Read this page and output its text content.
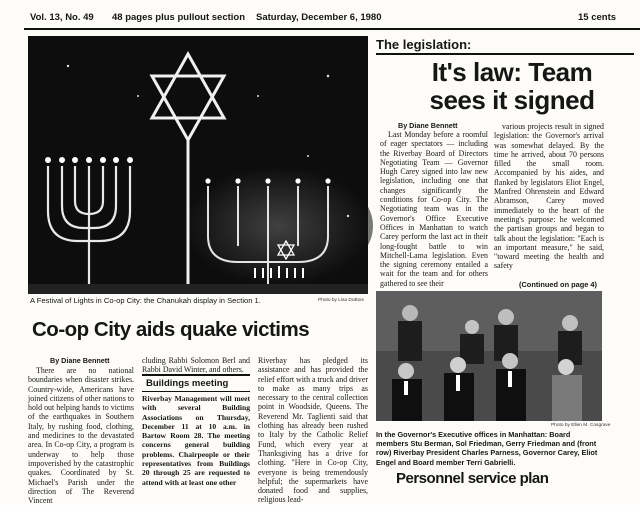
Vol. 13, No. 49 48 pages plus pullout section Saturday, December 6, 1980	15 cents
A Festival of Lights in Co-op City: the Chanukah display in Section 1.	Photo by Lisa DuBois
The legislation:
It's law: Team
sees it signed
By Diane Bennett

Last Monday before a roomful of eager spectators — including the Riverbay Board of Directors Negotiating Team — Governor Hugh Carey signed into law new legislation, including one that changes significantly the conditions for Co-op City. The Negotiating team was in the Governor's Office Executive Offices in Manhattan to watch Carey perform the last act in their long-fought battle to win Mitchell-Lama legislation. Even the signing ceremony entailed a wait for the team and for others gathered to see their

various projects result in signed legislation: the Governor's arrival was somewhat delayed. By the time he arrived, about 70 persons filled the small room. Accompanied by his aides, and flanked by legislators Eliot Engel, Manfred Ohrenstein and Edward Abramson, Carey moved immediately to the heart of the meeting's purpose: he welcomed the partisan groups and began to talk about the legislation: "Each is an important measure," he said, "toward meeting the health and safety

(Continued on page 4)
Photo by Ellen M. Cosgrave
In the Governor's Executive offices in Manhattan: Board members Stu Berman, Sol Friedman, Gerry Friedman and (front row) Riverbay President Charles Parness, Governor Carey, Eliot Engel and Board member Terri Gabrielli.
Co-op City aids quake victims
By Diane Bennett

There are no national boundaries when disaster strikes. Country-wide, Americans have joined citizens of other nations to hold out helping hands to victims of the earthquakes in Southern Italy, by rushing food, clothing, and medicines to the devastated area. In Co-op City, a program is underway to help those impoverished by the catastrophic quakes. Coordinated by St. Michael's Parish under the direction of The Reverend Vincent

cluding Rabbi Solomon Berl and Rabbi David Winter, and others.

Buildings meeting
Riverbay Management will meet with several Building Associations on Thursday, December 11 at 10 a.m. in Bartow Room 28. The meeting concerns general building problems. Chairpeople or their representatives from Buildings 20 through 25 are requested to attend with at least one other

Riverbay has pledged its assistance and has provided the relief effort with a truck and driver to make as many trips as necessary to the central collection point in Woodside, Queens. The Reverend Mr. Taglienti said that clothing has already been rushed to Italy by the Catholic Relief Fund, which every year at Thanksgiving has a drive for clothing. "Here in Co-op City, everyone is being tremendously helpful; the supermarkets have donated food and supplies, religious lead-

Personnel service plan
